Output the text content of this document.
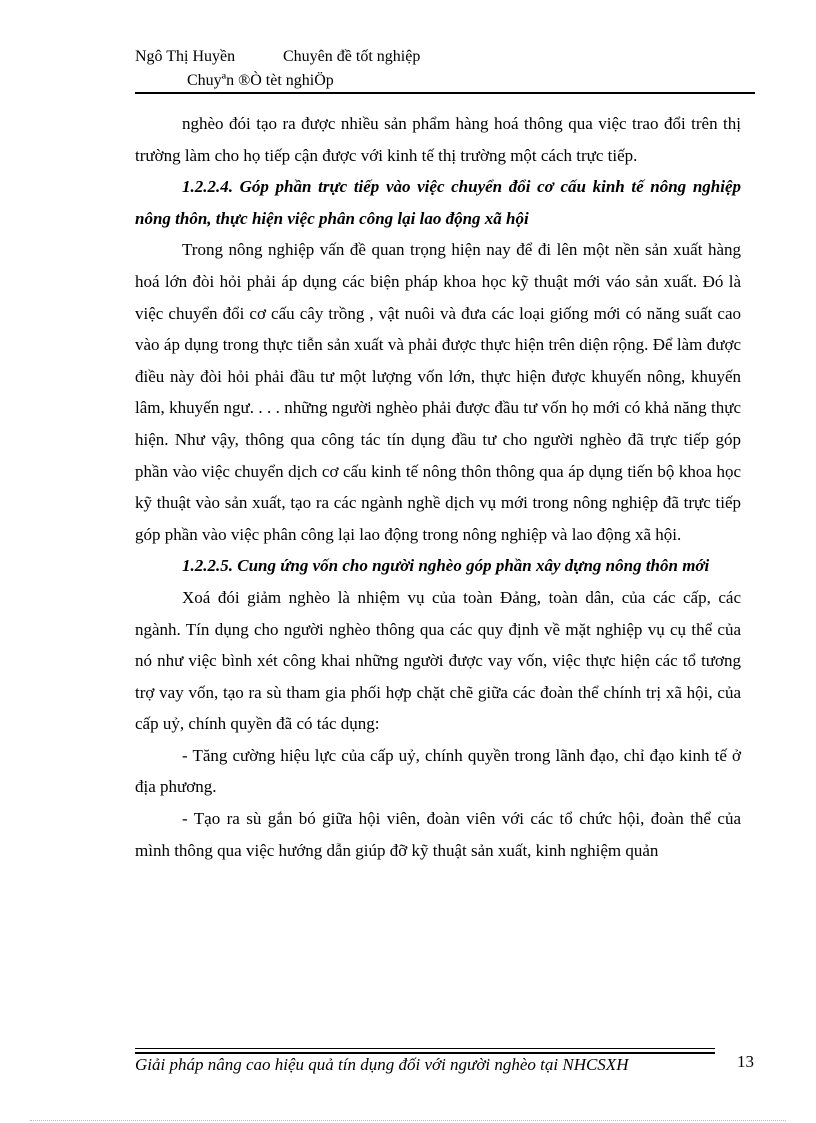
Ngô Thị Huyền	Chuyên đề tốt nghiệp
Chuyªn ®Ò tèt nghiÖp

nghèo đói tạo ra được nhiều sản phẩm hàng hoá thông qua việc trao đổi trên thị trường làm cho họ tiếp cận được với kinh tế thị trường một cách trực tiếp.

1.2.2.4. Góp phần trực tiếp vào việc chuyển đổi cơ cấu kinh tế nông nghiệp nông thôn, thực hiện việc phân công lại lao động xã hội

Trong nông nghiệp vấn đề quan trọng hiện nay để đi lên một nền sản xuất hàng hoá lớn đòi hỏi phải áp dụng các biện pháp khoa học kỹ thuật mới váo sản xuất. Đó là việc chuyển đổi cơ cấu cây trồng , vật nuôi và đưa các loại giống mới có năng suất cao vào áp dụng trong thực tiễn sản xuất và phải được thực hiện trên diện rộng. Để làm được điều này đòi hỏi phải đầu tư một lượng vốn lớn, thực hiện được khuyến nông, khuyến lâm, khuyến ngư. . . . những người nghèo phải được đầu tư vốn họ mới có khả năng thực hiện. Như vậy, thông qua công tác tín dụng đầu tư cho người nghèo đã trực tiếp góp phần vào việc chuyển dịch cơ cấu kinh tế nông thôn thông qua áp dụng tiến bộ khoa học kỹ thuật vào sản xuất, tạo ra các ngành nghề dịch vụ mới trong nông nghiệp đã trực tiếp góp phần vào việc phân công lại lao động trong nông nghiệp và lao động xã hội.

1.2.2.5. Cung ứng vốn cho người nghèo góp phần xây dựng nông thôn mới

Xoá đói giảm nghèo là nhiệm vụ của toàn Đảng, toàn dân, của các cấp, các ngành. Tín dụng cho người nghèo thông qua các quy định về mặt nghiệp vụ cụ thể của nó như việc bình xét công khai những người được vay vốn, việc thực hiện các tổ tương trợ vay vốn, tạo ra sù tham gia phối hợp chặt chẽ giữa các đoàn thể chính trị xã hội, của cấp uỷ, chính quyền đã có tác dụng:

- Tăng cường hiệu lực của cấp uỷ, chính quyền trong lãnh đạo, chỉ đạo kinh tế ở địa phương.

- Tạo ra sù gắn bó giữa hội viên, đoàn viên với các tổ chức hội, đoàn thể của mình thông qua việc hướng dẫn giúp đỡ kỹ thuật sản xuất, kinh nghiệm quản

Giải pháp nâng cao hiệu quả tín dụng đối với người nghèo tại NHCSXH	13
